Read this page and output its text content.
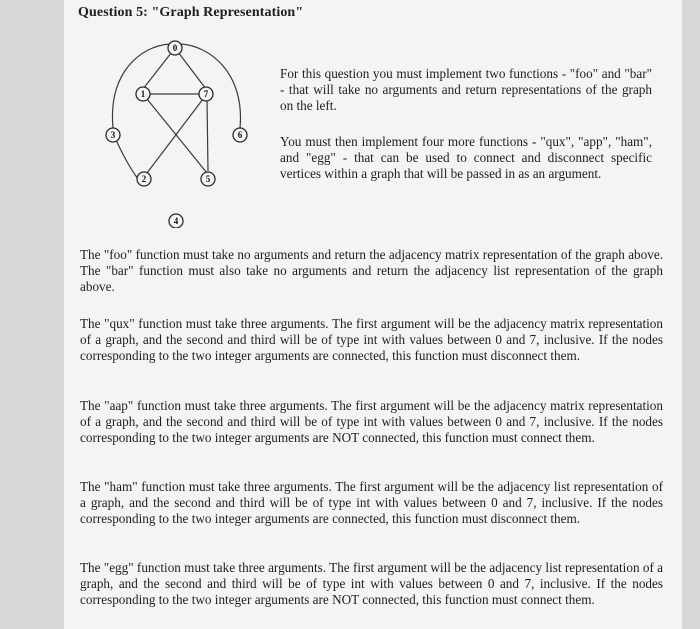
Question 5: "Graph Representation"
0
1	7
3	6
2	5
4
For this question you must implement two functions - "foo" and "bar" - that will take no arguments and return representations of the graph on the left.
You must then implement four more functions - "qux", "app", "ham", and "egg" - that can be used to connect and disconnect specific vertices within a graph that will be passed in as an argument.
The "foo" function must take no arguments and return the adjacency matrix representation of the graph above. The "bar" function must also take no arguments and return the adjacency list representation of the graph above.
The "qux" function must take three arguments. The first argument will be the adjacency matrix representation of a graph, and the second and third will be of type int with values between 0 and 7, inclusive. If the nodes corresponding to the two integer arguments are connected, this function must disconnect them.
The "aap" function must take three arguments. The first argument will be the adjacency matrix representation of a graph, and the second and third will be of type int with values between 0 and 7, inclusive. If the nodes corresponding to the two integer arguments are NOT connected, this function must connect them.
The "ham" function must take three arguments. The first argument will be the adjacency list representation of a graph, and the second and third will be of type int with values between 0 and 7, inclusive. If the nodes corresponding to the two integer arguments are connected, this function must disconnect them.
The "egg" function must take three arguments. The first argument will be the adjacency list representation of a graph, and the second and third will be of type int with values between 0 and 7, inclusive. If the nodes corresponding to the two integer arguments are NOT connected, this function must connect them.
